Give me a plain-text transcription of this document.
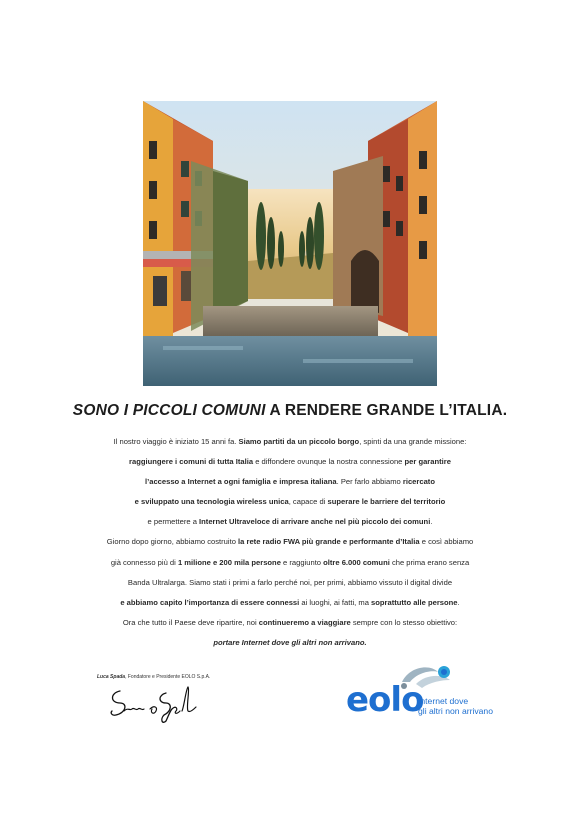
SONO I PICCOLI COMUNI A RENDERE GRANDE L’ITALIA.

Il nostro viaggio è iniziato 15 anni fa. Siamo partiti da un piccolo borgo, spinti da una grande missione:

raggiungere i comuni di tutta Italia e diffondere ovunque la nostra connessione per garantire

l’accesso a Internet a ogni famiglia e impresa italiana. Per farlo abbiamo ricercato

e sviluppato una tecnologia wireless unica, capace di superare le barriere del territorio

e permettere a Internet Ultraveloce di arrivare anche nel più piccolo dei comuni.

Giorno dopo giorno, abbiamo costruito la rete radio FWA più grande e performante d’Italia e così abbiamo

già connesso più di 1 milione e 200 mila persone e raggiunto oltre 6.000 comuni che prima erano senza

Banda Ultralarga. Siamo stati i primi a farlo perché noi, per primi, abbiamo vissuto il digital divide

e abbiamo capito l’importanza di essere connessi ai luoghi, ai fatti, ma soprattutto alle persone.

Ora che tutto il Paese deve ripartire, noi continueremo a viaggiare sempre con lo stesso obiettivo:

portare Internet dove gli altri non arrivano.

Luca Spada, Fondatore e Presidente EOLO S.p.A.
eolo
Internet dove
gli altri non arrivano
